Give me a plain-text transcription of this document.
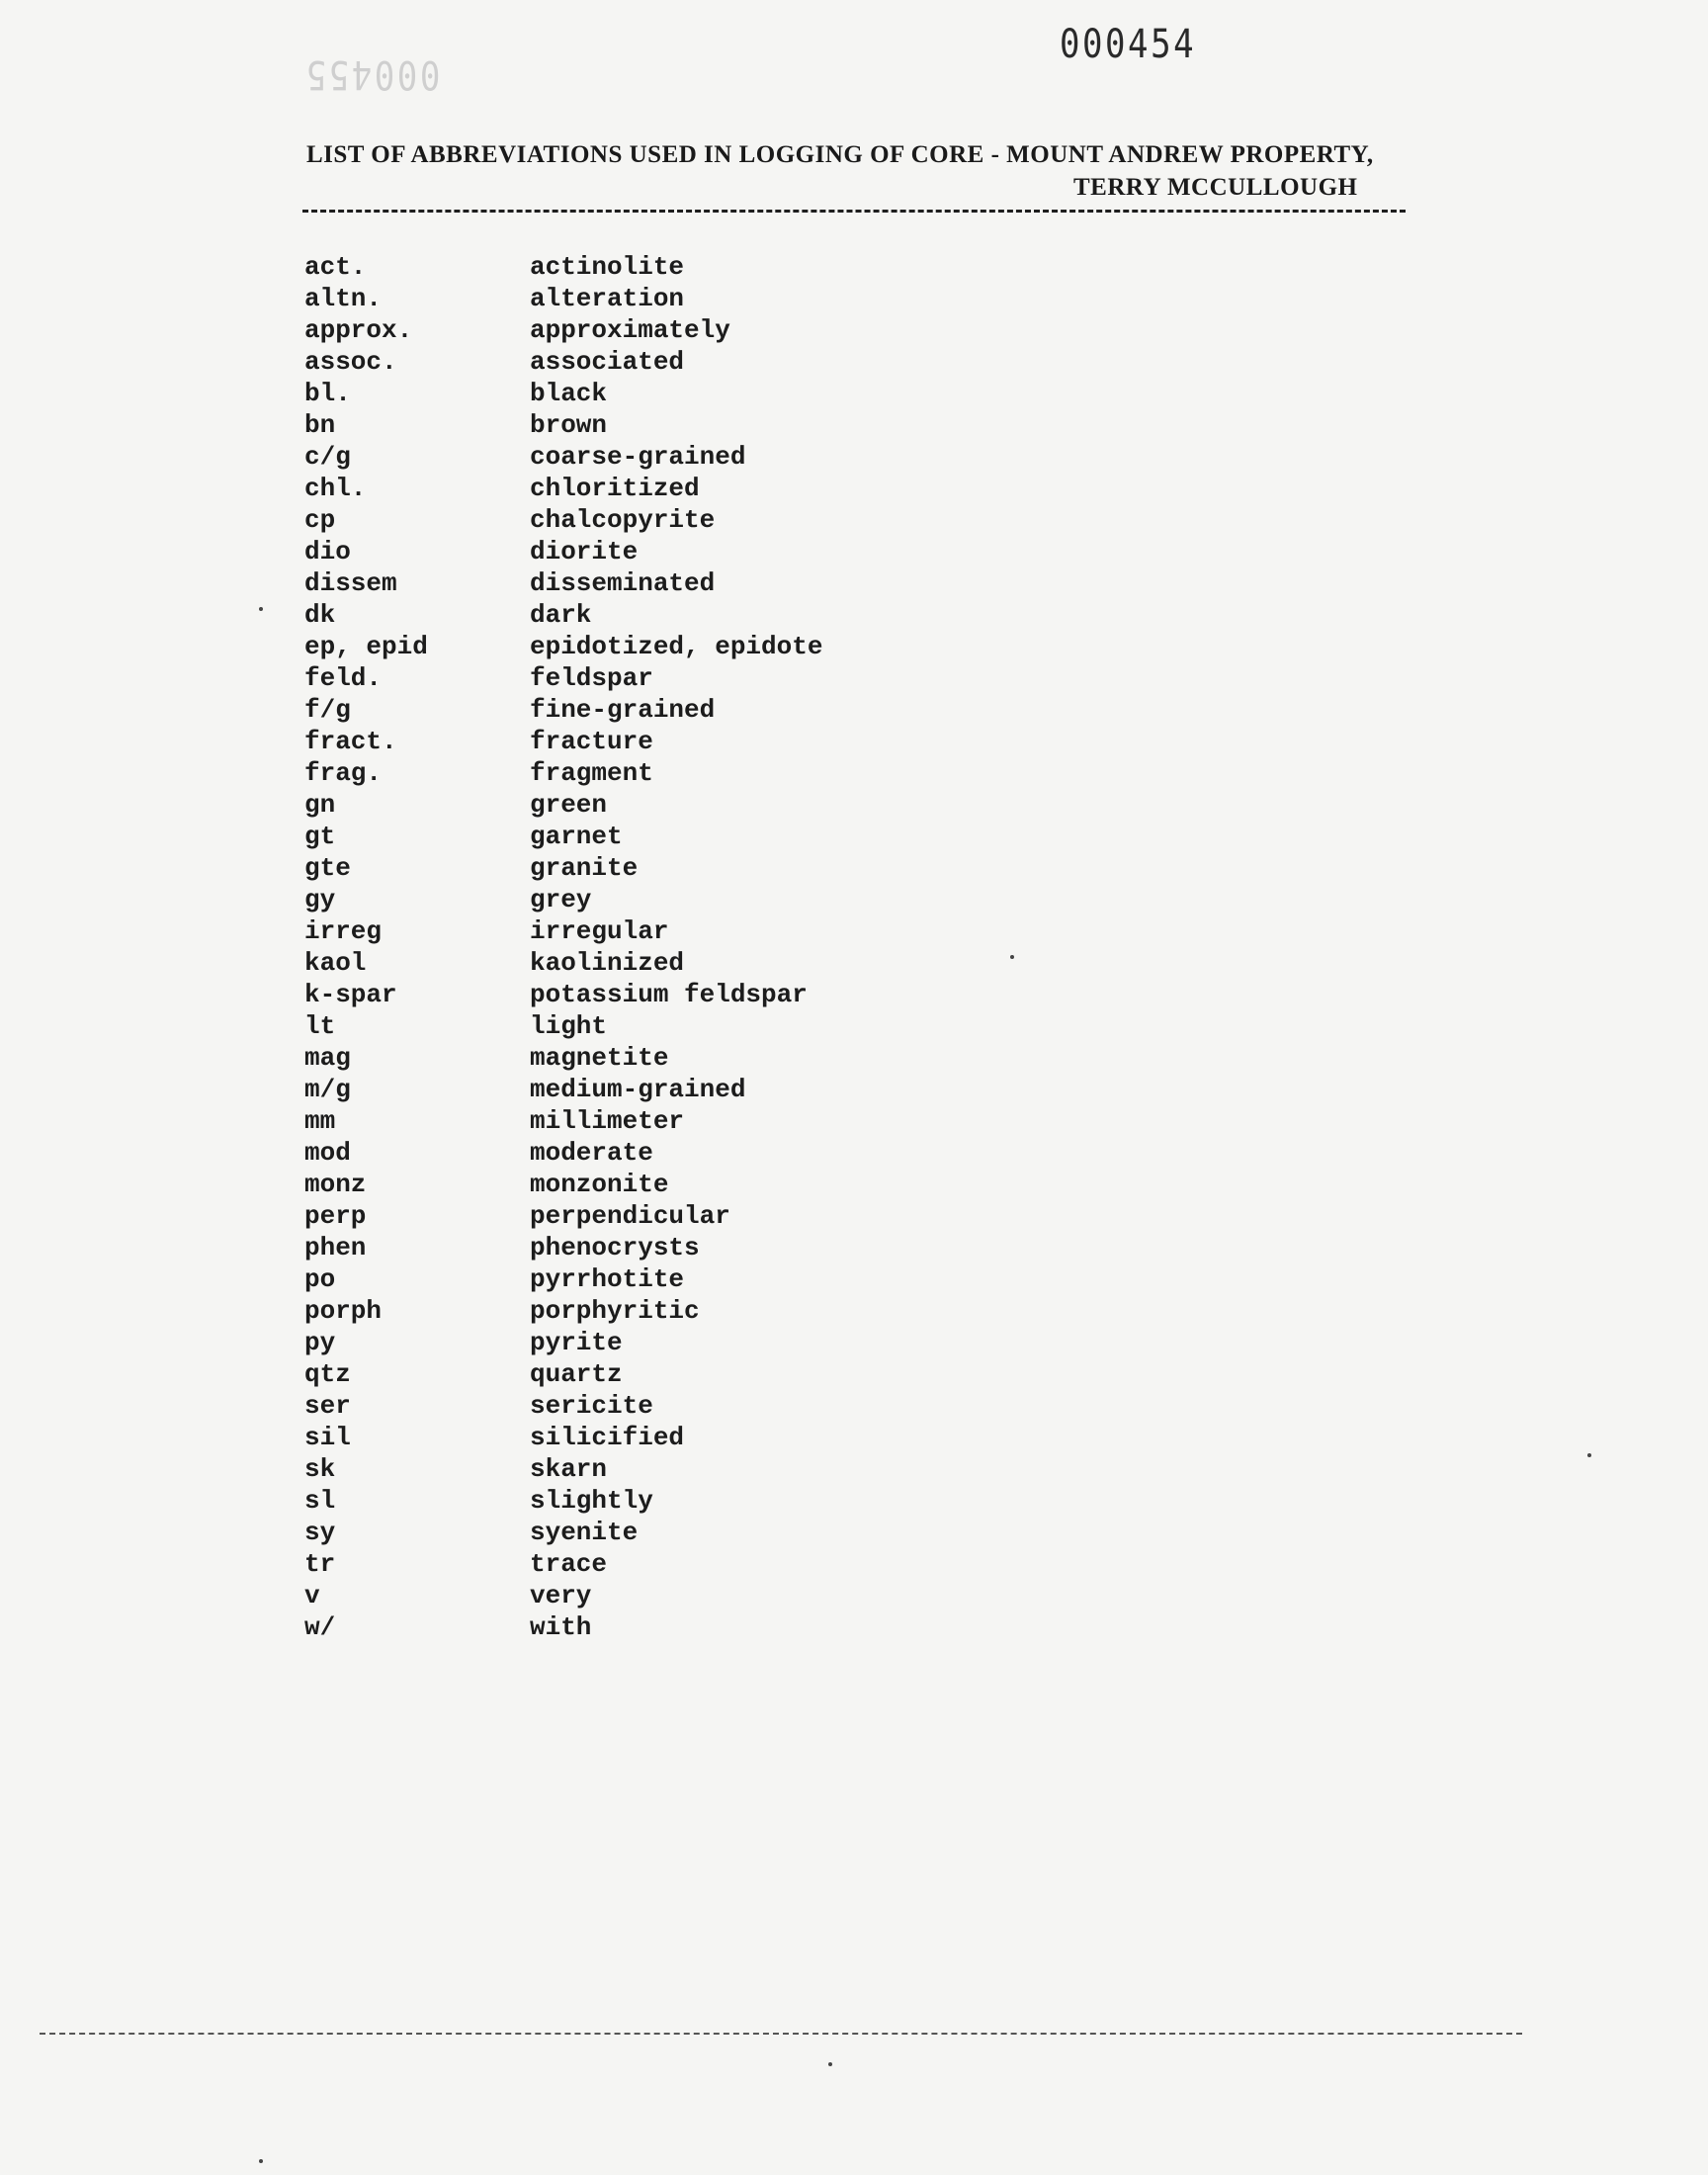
000454
000455
LIST OF ABBREVIATIONS USED IN LOGGING OF CORE - MOUNT ANDREW PROPERTY,
TERRY MCCULLOUGH
act.	actinolite
altn.	alteration
approx.	approximately
assoc.	associated
bl.	black
bn	brown
c/g	coarse-grained
chl.	chloritized
cp	chalcopyrite
dio	diorite
dissem	disseminated
dk	dark
ep, epid	epidotized, epidote
feld.	feldspar
f/g	fine-grained
fract.	fracture
frag.	fragment
gn	green
gt	garnet
gte	granite
gy	grey
irreg	irregular
kaol	kaolinized
k-spar	potassium feldspar
lt	light
mag	magnetite
m/g	medium-grained
mm	millimeter
mod	moderate
monz	monzonite
perp	perpendicular
phen	phenocrysts
po	pyrrhotite
porph	porphyritic
py	pyrite
qtz	quartz
ser	sericite
sil	silicified
sk	skarn
sl	slightly
sy	syenite
tr	trace
v	very
w/	with
